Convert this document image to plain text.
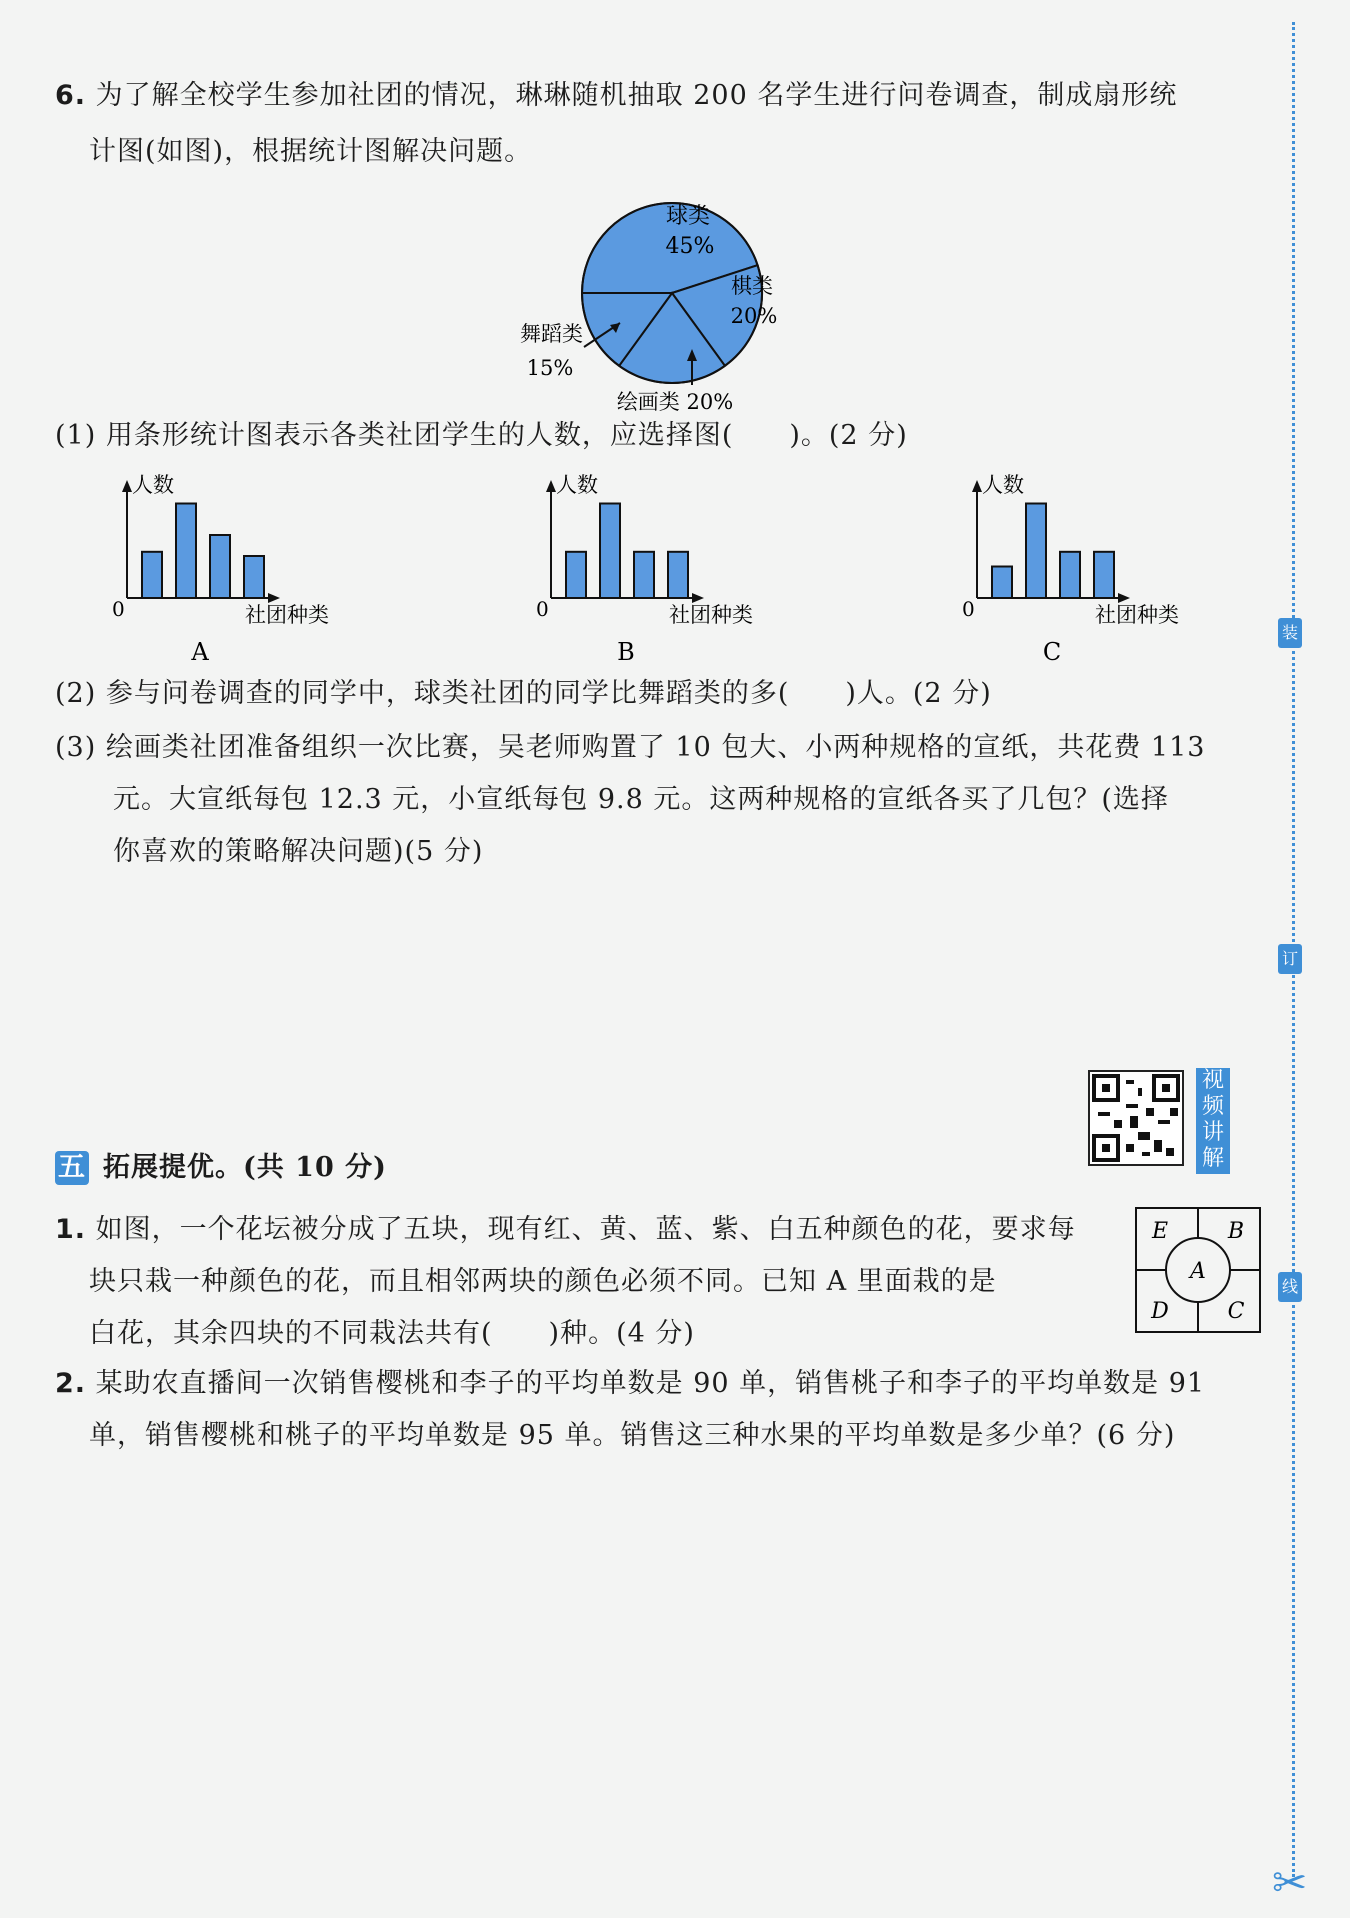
6. 为了解全校学生参加社团的情况，琳琳随机抽取 200 名学生进行问卷调查，制成扇形统
计图(如图)，根据统计图解决问题。
球类
45%
棋类
20%
舞蹈类
15%
绘画类 20%
(1) 用条形统计图表示各类社团学生的人数，应选择图(　　)。(2 分)
人数
0	社团种类
A
人数
0	社团种类
B
人数
0	社团种类
C
(2) 参与问卷调查的同学中，球类社团的同学比舞蹈类的多(　　)人。(2 分)
(3) 绘画类社团准备组织一次比赛，吴老师购置了 10 包大、小两种规格的宣纸，共花费 113
元。大宣纸每包 12.3 元，小宣纸每包 9.8 元。这两种规格的宣纸各买了几包？(选择
你喜欢的策略解决问题)(5 分)
视频讲解
五 拓展提优。(共 10 分)
1. 如图，一个花坛被分成了五块，现有红、黄、蓝、紫、白五种颜色的花，要求每
块只栽一种颜色的花，而且相邻两块的颜色必须不同。已知 A 里面栽的是
白花，其余四块的不同栽法共有(　　)种。(4 分)
E	B
A
D	C
2. 某助农直播间一次销售樱桃和李子的平均单数是 90 单，销售桃子和李子的平均单数是 91
单，销售樱桃和桃子的平均单数是 95 单。销售这三种水果的平均单数是多少单？(6 分)
装
订
线
✂
